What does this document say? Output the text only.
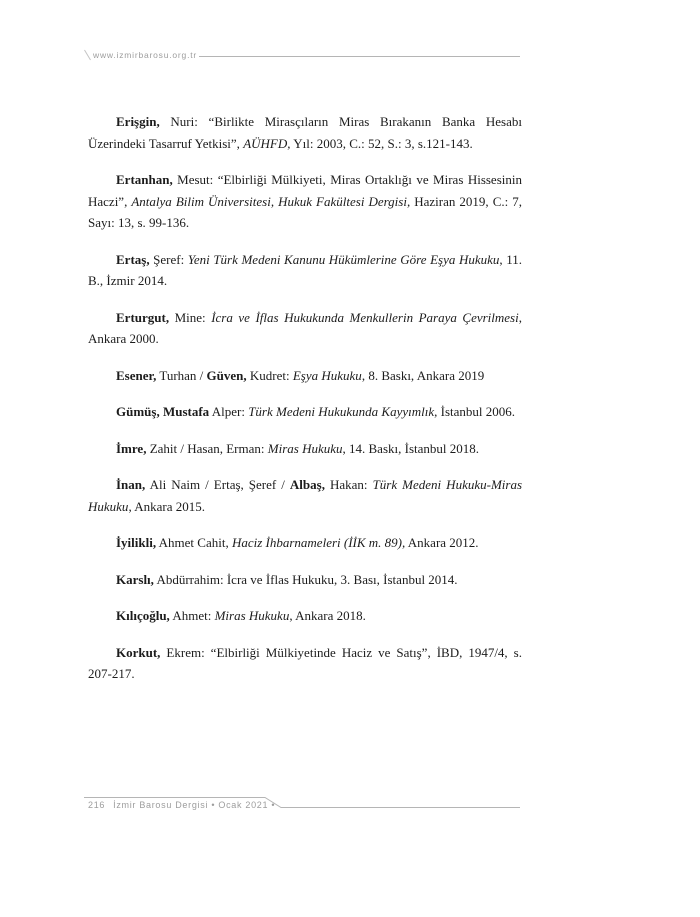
www.izmirbarosu.org.tr

Erişgin, Nuri: “Birlikte Mirasçıların Miras Bırakanın Banka Hesabı Üzerindeki Tasarruf Yetkisi”, AÜHFD, Yıl: 2003, C.: 52, S.: 3, s.121-143.

Ertanhan, Mesut: “Elbirliği Mülkiyeti, Miras Ortaklığı ve Miras Hissesinin Haczi”, Antalya Bilim Üniversitesi, Hukuk Fakültesi Dergisi, Haziran 2019, C.: 7, Sayı: 13, s. 99-136.

Ertaş, Şeref: Yeni Türk Medeni Kanunu Hükümlerine Göre Eşya Hukuku, 11. B., İzmir 2014.

Erturgut, Mine: İcra ve İflas Hukukunda Menkullerin Paraya Çevrilmesi, Ankara 2000.

Esener, Turhan / Güven, Kudret: Eşya Hukuku, 8. Baskı, Ankara 2019

Gümüş, Mustafa Alper: Türk Medeni Hukukunda Kayyımlık, İstanbul 2006.

İmre, Zahit / Hasan, Erman: Miras Hukuku, 14. Baskı, İstanbul 2018.

İnan, Ali Naim / Ertaş, Şeref / Albaş, Hakan: Türk Medeni Hukuku-Miras Hukuku, Ankara 2015.

İyilikli, Ahmet Cahit, Haciz İhbarnameleri (İİK m. 89), Ankara 2012.

Karslı, Abdürrahim: İcra ve İflas Hukuku, 3. Bası, İstanbul 2014.

Kılıçoğlu, Ahmet: Miras Hukuku, Ankara 2018.

Korkut, Ekrem: “Elbirliği Mülkiyetinde Haciz ve Satış”, İBD, 1947/4, s. 207-217.

216 İzmir Barosu Dergisi • Ocak 2021 •
